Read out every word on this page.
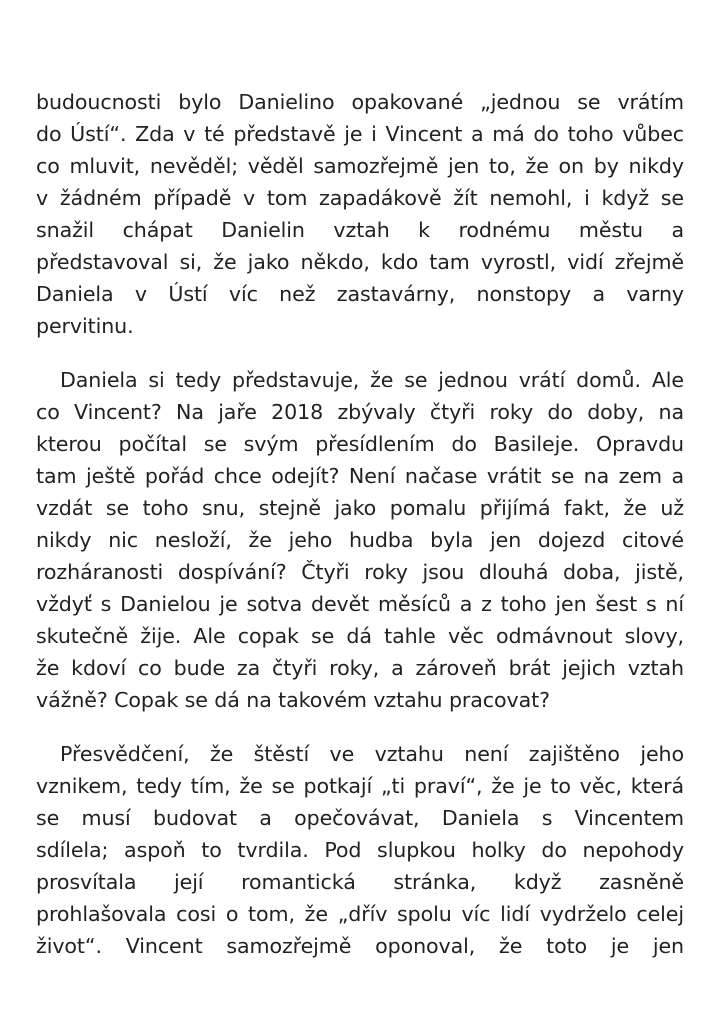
budoucnosti bylo Danielino opakované „jednou se vrátím
do Ústí“. Zda v té představě je i Vincent a má do toho vůbec
co mluvit, nevěděl; věděl samozřejmě jen to, že on by nikdy
v žádném případě v tom zapadákově žít nemohl, i když se
snažil chápat Danielin vztah k rodnému městu a
představoval si, že jako někdo, kdo tam vyrostl, vidí zřejmě
Daniela v Ústí víc než zastavárny, nonstopy a varny
pervitinu.
Daniela si tedy představuje, že se jednou vrátí domů. Ale
co Vincent? Na jaře 2018 zbývaly čtyři roky do doby, na
kterou počítal se svým přesídlením do Basileje. Opravdu
tam ještě pořád chce odejít? Není načase vrátit se na zem a
vzdát se toho snu, stejně jako pomalu přijímá fakt, že už
nikdy nic nesloží, že jeho hudba byla jen dojezd citové
rozháranosti dospívání? Čtyři roky jsou dlouhá doba, jistě,
vždyť s Danielou je sotva devět měsíců a z toho jen šest s ní
skutečně žije. Ale copak se dá tahle věc odmávnout slovy,
že kdoví co bude za čtyři roky, a zároveň brát jejich vztah
vážně? Copak se dá na takovém vztahu pracovat?
Přesvědčení, že štěstí ve vztahu není zajištěno jeho
vznikem, tedy tím, že se potkají „ti praví“, že je to věc, která
se musí budovat a opečovávat, Daniela s Vincentem
sdílela; aspoň to tvrdila. Pod slupkou holky do nepohody
prosvítala její romantická stránka, když zasněně
prohlašovala cosi o tom, že „dřív spolu víc lidí vydrželo celej
život“. Vincent samozřejmě oponoval, že toto je jen
